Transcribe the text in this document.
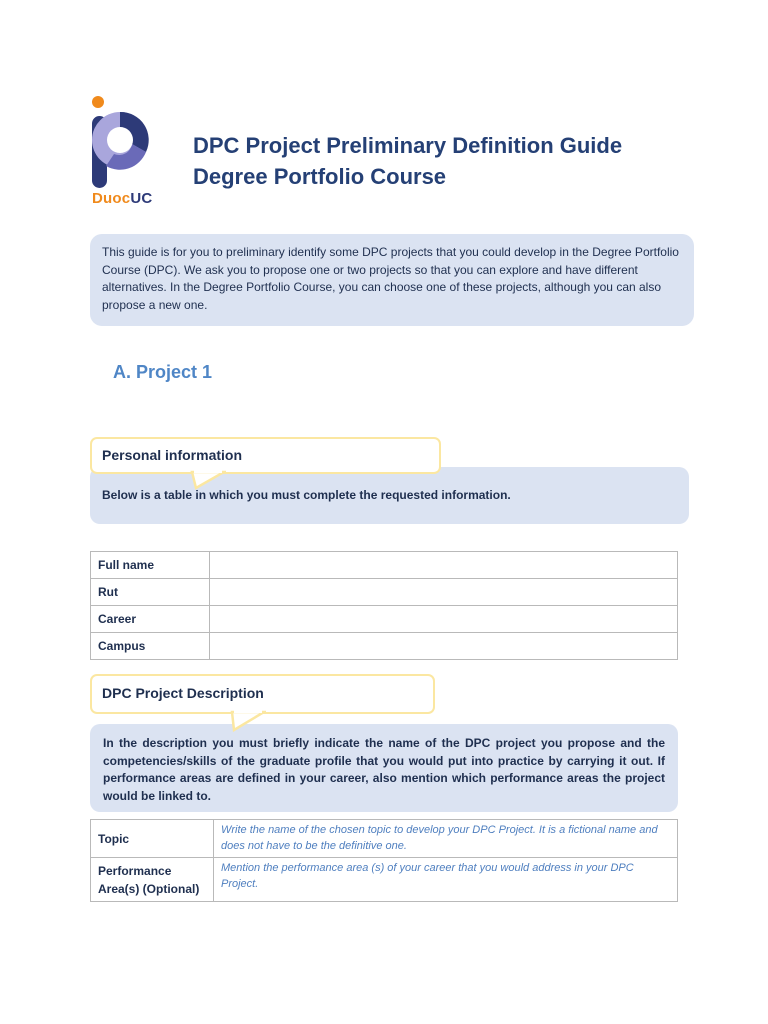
DuocUC
DPC Project Preliminary Definition Guide
Degree Portfolio Course
This guide is for you to preliminary identify some DPC projects that you could develop in the Degree Portfolio Course (DPC). We ask you to propose one or two projects so that you can explore and have different alternatives. In the Degree Portfolio Course, you can choose one of these projects, although you can also propose a new one.
A. Project 1
Personal information
Below is a table in which you must complete the requested information.
Full name	
Rut	
Career	
Campus	
DPC Project Description
In the description you must briefly indicate the name of the DPC project you propose and the competencies/skills of the graduate profile that you would put into practice by carrying it out. If performance areas are defined in your career, also mention which performance areas the project would be linked to.
Topic	Write the name of the chosen topic to develop your DPC Project. It is a fictional name and does not have to be the definitive one.
Performance Area(s) (Optional)	Mention the performance area (s) of your career that you would address in your DPC Project.
